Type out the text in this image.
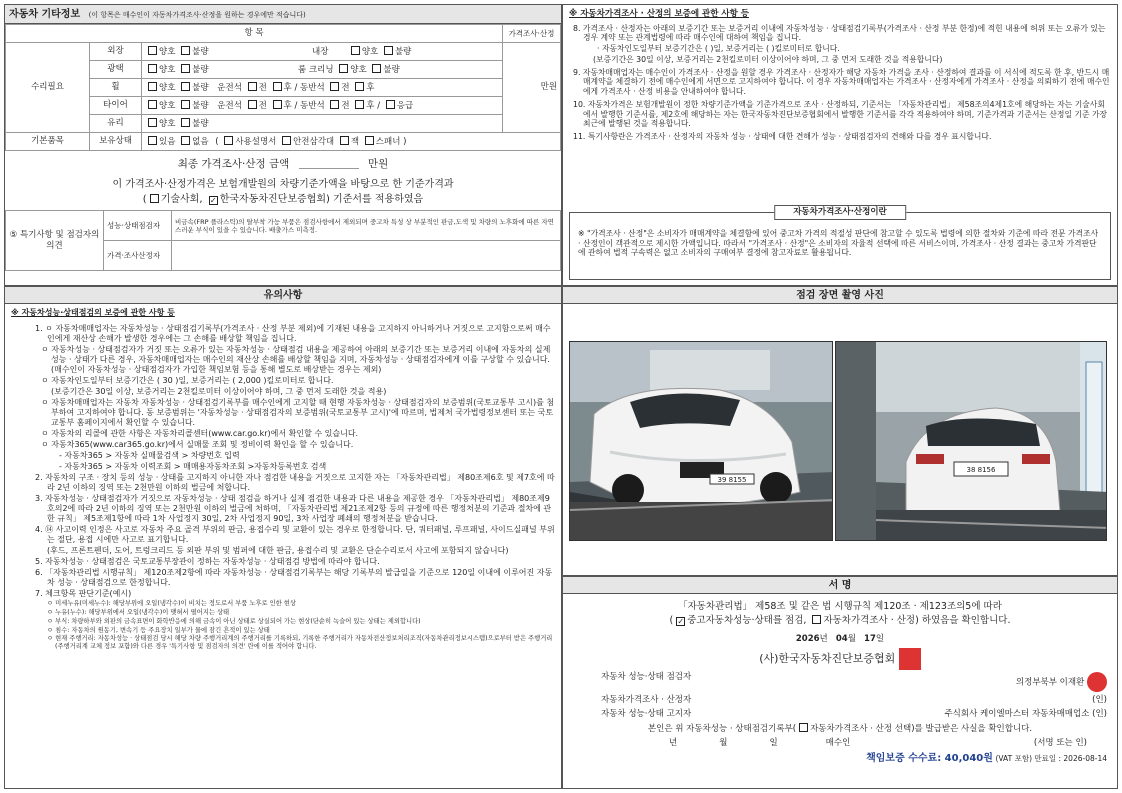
자동차 기타정보 (이 항목은 매수인이 자동차가격조사·산정을 원하는 경우에만 적습니다)
항 목			가격조사·산정
수리필요	외장	양호 불량 내장 양호 불량	만원
	광택	양호 불량 룸 크리닝 양호 불량	
	휠	양호 불량 운전석 전 후 / 동반석 전 후	
	타이어	양호 불량 운전석 전 후 / 동반석 전 후 / 응급	
	유리	양호 불량	
기본품목	보유상태	있음 없음 ( 사용설명서 안전삼각대 잭 스패너 )	
최종 가격조사·산정 금액	만원
이 가격조사·산정가격은 보험개발원의 차량기준가액을 바탕으로 한 기준가격과
( 기술사회, ✓ 한국자동차진단보증협회) 기준서를 적용하였음
⑤ 특기사항 및 점검자의 의견	성능·상태점검자	비금속(FRP 플라스틱)의 탈부착 가능 부품은 점검사항에서 제외되며 중고차 특성 상 부분적인 판금,도색 및 차량의 노후화에 따른 자연스러운 부식이 있을 수 있습니다. 배출가스 미측정.
	가격·조사산정자	
※ 자동차가격조사 · 산정의 보증에 관한 사항 등

8. 가격조사 · 산정자는 아래의 보증기간 또는 보증거리 이내에 자동차성능 · 상태점검기록부(가격조사 · 산정 부분 한정)에 적힌 내용에 허위 또는 오류가 있는 경우 계약 또는 관계법령에 따라 매수인에 대하여 책임을 집니다.

· 자동차인도일부터 보증기간은 ( )일, 보증거리는 ( )킬로미터로 합니다.

(보증기간은 30일 이상, 보증거리는 2천킬로미터 이상이어야 하며, 그 중 먼저 도래한 것을 적용합니다)

9. 자동차매매업자는 매수인이 가격조사 · 산정을 원할 경우 가격조사 · 산정자가 해당 자동차 가격을 조사 · 산정하여 결과를 이 서식에 적도록 한 후, 반드시 매매계약을 체결하기 전에 매수인에게 서면으로 고지하여야 합니다. 이 경우 자동차매매업자는 가격조사 · 산정자에게 가격조사 · 산정을 의뢰하기 전에 매수인에게 가격조사 · 산정 비용을 안내하여야 합니다.

10. 자동차가격은 보험개발원이 정한 차량기준가액을 기준가격으로 조사 · 산정하되, 기준서는 「자동차관리법」 제58조의4제1호에 해당하는 자는 기술사회에서 발행한 기준서를, 제2호에 해당하는 자는 한국자동차진단보증협회에서 발행한 기준서를 각각 적용하여야 하며, 기준가격과 기준서는 산정일 기준 가장 최근에 발행된 것을 적용합니다.

11. 특기사항란은 가격조사 · 산정자의 자동차 성능 · 상태에 대한 견해가 성능 · 상태점검자의 견해와 다를 경우 표시합니다.

자동차가격조사·산정이란
※ "가격조사 · 산정"은 소비자가 매매계약을 체결함에 있어 중고차 가격의 적절성 판단에 참고할 수 있도록 법령에 의한 절차와 기준에 따라 전문 가격조사 · 산정인이 객관적으로 제시한 가액입니다. 따라서 "가격조사 · 산정"은 소비자의 자율적 선택에 따른 서비스이며, 가격조사 · 산정 결과는 중고차 가격판단에 관하여 법적 구속력은 없고 소비자의 구매여부 결정에 참고자료로 활용됩니다.
유의사항
※ 자동차성능·상태점검의 보증에 관한 사항 등

1. ㅇ 자동차매매업자는 자동차성능 · 상태점검기록부(가격조사 · 산정 부분 제외)에 기재된 내용을 고지하지 아니하거나 거짓으로 고지함으로써 매수인에게 재산상 손해가 발생한 경우에는 그 손해를 배상할 책임을 집니다.

ㅇ 자동차성능 · 상태점검자가 거짓 또는 오류가 있는 자동차성능 · 상태점검 내용을 제공하여 아래의 보증기간 또는 보증거리 이내에 자동차의 실제 성능 · 상태가 다른 경우, 자동차매매업자는 매수인의 재산상 손해를 배상할 책임을 지며, 자동차성능 · 상태점검자에게 이를 구상할 수 있습니다.(매수인이 자동차성능 · 상태점검자가 가입한 책임보험 등을 통해 별도로 배상받는 경우는 제외)

ㅇ 자동차인도일부터 보증기간은 ( 30 )일, 보증거리는 ( 2,000 )킬로미터로 합니다.

(보증기간은 30일 이상, 보증거리는 2천킬로미터 이상이어야 하며, 그 중 먼저 도래한 것을 적용)

ㅇ 자동차매매업자는 자동차 자동차성능 · 상태점검기록부를 매수인에게 고지할 때 현행 자동차성능 · 상태점검자의 보증범위(국토교통부 고시)를 첨부하여 고지하여야 합니다. 동 보증범위는 '자동차성능 · 상태점검자의 보증범위(국토교통부 고시)'에 따르며, 법제처 국가법령정보센터 또는 국토교통부 홈페이지에서 확인할 수 있습니다.

ㅇ 자동차의 리콜에 관한 사항은 자동차리콜센터(www.car.go.kr)에서 확인할 수 있습니다.

ㅇ 자동차365(www.car365.go.kr)에서 실매물 조회 및 정비이력 확인을 할 수 있습니다.

- 자동차365 > 자동차 실매물검색 > 차량번호 입력

- 자동차365 > 자동차 이력조회 > 매매용자동차조회 >자동차등록번호 검색

2. 자동차의 구조 · 장치 등의 성능 · 상태를 고지하지 아니한 자나 점검한 내용을 거짓으로 고지한 자는 「자동차관리법」 제80조제6호 및 제7호에 따라 2년 이하의 징역 또는 2천만원 이하의 벌금에 처합니다.

3. 자동차성능 · 상태점검자가 거짓으로 자동차성능 · 상태 점검을 하거나 실제 점검한 내용과 다른 내용을 제공한 경우 「자동차관리법」 제80조제9호의2에 따라 2년 이하의 징역 또는 2천만원 이하의 벌금에 처하며, 「자동차관리법 제21조제2항 등의 규정에 따른 행정처분의 기준과 절차에 관한 규칙」 제5조제1항에 따라 1차 사업정지 30일, 2차 사업정지 90일, 3차 사업장 폐쇄의 행정처분을 받습니다.

4. ⑭ 사고이력 인정은 사고로 자동차 주요 골격 부위의 판금, 용접수리 및 교환이 있는 경우로 한정합니다. 단, 쿼터패널, 루프패널, 사이드실패널 부위는 절단, 용접 시에만 사고로 표기합니다.

(후드, 프론트펜더, 도어, 트렁크리드 등 외판 부위 및 범퍼에 대한 판금, 용접수리 및 교환은 단순수리로서 사고에 포함되지 않습니다)

5. 자동차성능 · 상태점검은 국토교통부장관이 정하는 자동차성능 · 상태점검 방법에 따라야 합니다.

6. 「자동차관리법 시행규칙」 제120조제2항에 따라 자동차성능 · 상태점검기록부는 해당 기록부의 발급일을 기준으로 120일 이내에 이루어진 자동차 성능 · 상태점검으로 한정합니다.

7. 체크항목 판단기준(예시)

ㅇ 미세누유(미세누수): 해당부위에 오일(냉각수)이 비치는 정도로서 부품 노후로 인한 현상

ㅇ 누유(누수): 해당부위에서 오일(냉각수)이 맺혀서 떨어지는 상태

ㅇ 부식: 차량하부와 외판의 금속표면이 화학반응에 의해 금속이 아닌 상태로 상실되어 가는 현상(단순히 녹슬어 있는 상태는 제외합니다)

ㅇ 침수: 자동차의 원동기, 변속기 등 주요장치 일부가 물에 잠긴 흔적이 있는 상태

ㅇ 현재 주행거리: 자동차성능 · 상태점검 당시 해당 차량 주행거리계의 주행거리를 기록하되, 기록한 주행거리가 자동차전산정보처리조직(자동차관리정보시스템)으로부터 받은 주행거리(주행거리계 교체 정보 포함)와 다른 경우 '특기사항 및 점검자의 의견' 란에 이를 적어야 합니다.

점검 장면 촬영 사진
39 8155
38 8156
서 명
「자동차관리법」 제58조 및 같은 법 시행규칙 제120조 · 제123조의5에 따라
( ✓ 중고자동차성능·상태를 점검, 자동차가격조사 · 산정) 하였음을 확인합니다.
2026년 04월 17일
(사)한국자동차진단보증협회
자동차 성능·상태 점검자
의정부북부 이재환
자동차가격조사 · 산정자	(인)
자동차 성능·상태 고지자	주식회사 케이엘마스터 자동차매매업소 (인)
본인은 위 자동차성능 · 상태점검기록부( 자동차가격조사 · 산정 선택)를 발급받은 사실을 확인합니다.
년	월	일	매수인	(서명 또는 인)
책임보증 수수료: 40,040원 (VAT 포함) 만료일 : 2026-08-14
